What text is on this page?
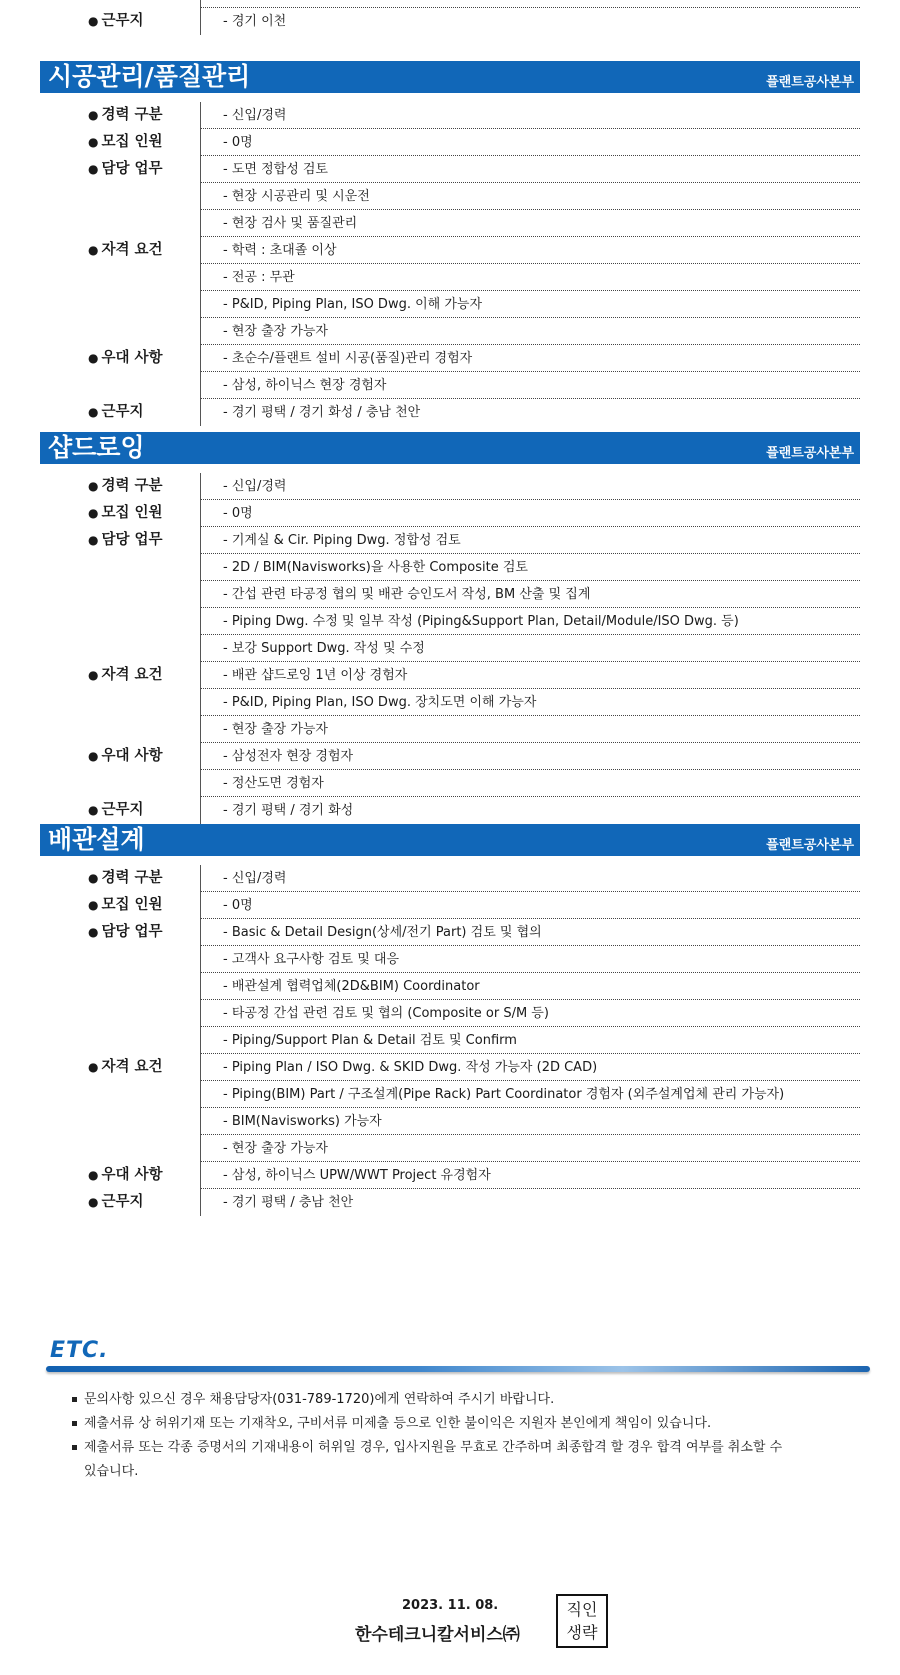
● 근무지	- 경기 이천
시공관리/품질관리	플랜트공사본부
● 경력 구분	- 신입/경력
● 모집 인원	- 0명
● 담당 업무	- 도면 정합성 검토
- 현장 시공관리 및 시운전
- 현장 검사 및 품질관리
● 자격 요건	- 학력 : 초대졸 이상
- 전공 : 무관
- P&ID, Piping Plan, ISO Dwg. 이해 가능자
- 현장 출장 가능자
● 우대 사항	- 초순수/플랜트 설비 시공(품질)관리 경험자
- 삼성, 하이닉스 현장 경험자
● 근무지	- 경기 평택 / 경기 화성 / 충남 천안
샵드로잉	플랜트공사본부
● 경력 구분	- 신입/경력
● 모집 인원	- 0명
● 담당 업무	- 기계실 & Cir. Piping Dwg. 정합성 검토
- 2D / BIM(Navisworks)을 사용한 Composite 검토
- 간섭 관련 타공정 협의 및 배관 승인도서 작성, BM 산출 및 집계
- Piping Dwg. 수정 및 일부 작성 (Piping&Support Plan, Detail/Module/ISO Dwg. 등)
- 보강 Support Dwg. 작성 및 수정
● 자격 요건	- 배관 샵드로잉 1년 이상 경험자
- P&ID, Piping Plan, ISO Dwg. 장치도면 이해 가능자
- 현장 출장 가능자
● 우대 사항	- 삼성전자 현장 경험자
- 정산도면 경험자
● 근무지	- 경기 평택 / 경기 화성
배관설계	플랜트공사본부
● 경력 구분	- 신입/경력
● 모집 인원	- 0명
● 담당 업무	- Basic & Detail Design(상세/전기 Part) 검토 및 협의
- 고객사 요구사항 검토 및 대응
- 배관설계 협력업체(2D&BIM) Coordinator
- 타공정 간섭 관련 검토 및 협의 (Composite or S/M 등)
- Piping/Support Plan & Detail 검토 및 Confirm
● 자격 요건	- Piping Plan / ISO Dwg. & SKID Dwg. 작성 가능자 (2D CAD)
- Piping(BIM) Part / 구조설계(Pipe Rack) Part Coordinator 경험자 (외주설계업체 관리 가능자)
- BIM(Navisworks) 가능자
- 현장 출장 가능자
● 우대 사항	- 삼성, 하이닉스 UPW/WWT Project 유경험자
● 근무지	- 경기 평택 / 충남 천안
ETC.
문의사항 있으신 경우 채용담당자(031-789-1720)에게 연락하여 주시기 바랍니다.
제출서류 상 허위기재 또는 기재착오, 구비서류 미제출 등으로 인한 불이익은 지원자 본인에게 책임이 있습니다.
제출서류 또는 각종 증명서의 기재내용이 허위일 경우, 입사지원을 무효로 간주하며 최종합격 할 경우 합격 여부를 취소할 수 있습니다.
2023. 11. 08.
한수테크니칼서비스㈜
직인
생략
